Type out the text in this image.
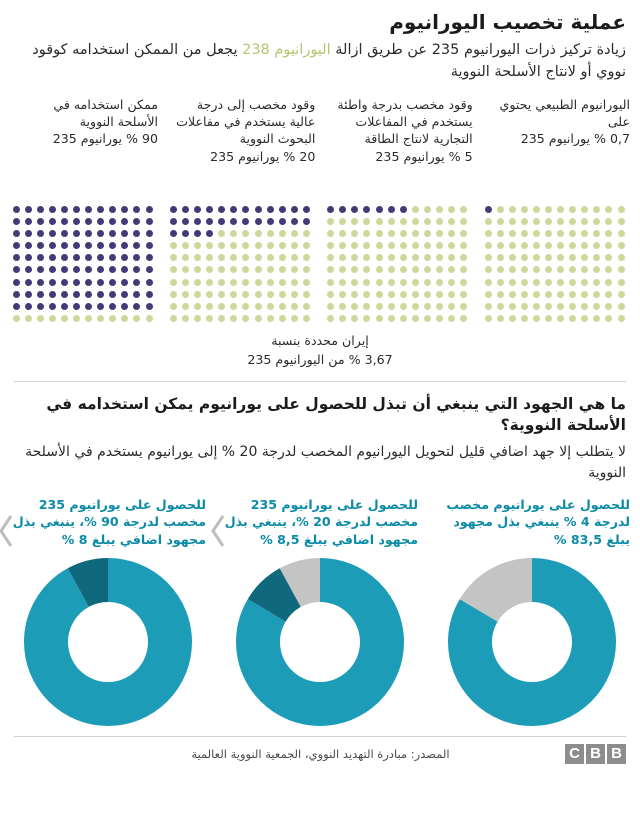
عملية تخصيب اليورانيوم
زيادة تركيز ذرات اليورانيوم 235 عن طريق ازالة اليورانيوم 238 يجعل من الممكن استخدامه كوقود نووي أو لانتاج الأسلحة النووية
ممكن استخدامه في الأسلحة النووية
90 % يورانيوم 235
وقود مخصب إلى درجة عالية يستخدم في مفاعلات البحوث النووية
20 % يورانيوم 235
وقود مخصب بدرجة واطئة يستخدم في المفاعلات التجارية لانتاج الطاقة
5 % يورانيوم 235
اليورانيوم الطبيعي يحتوي على
0,7 % يورانيوم 235
إيران محددة بنسبة
3,67 % من اليورانيوم 235
ما هي الجهود التي ينبغي أن تبذل للحصول على يورانيوم يمكن استخدامه في الأسلحة النووية؟
لا يتطلب إلا جهد اضافي قليل لتحويل اليورانيوم المخصب لدرجة 20 % إلى يورانيوم يستخدم في الأسلحة النووية
للحصول على يورانيوم 235 مخصب لدرجة 90 %، ينبغي بذل مجهود اضافي يبلغ 8 %
للحصول على يورانيوم 235 مخصب لدرجة 20 %، ينبغي بذل مجهود اضافي يبلغ 8,5 %
للحصول على يورانيوم مخصب لدرجة 4 % ينبغي بذل مجهود يبلغ 83,5 %
B
B
C
المصدر: مبادرة التهديد النووي، الجمعية النووية العالمية
